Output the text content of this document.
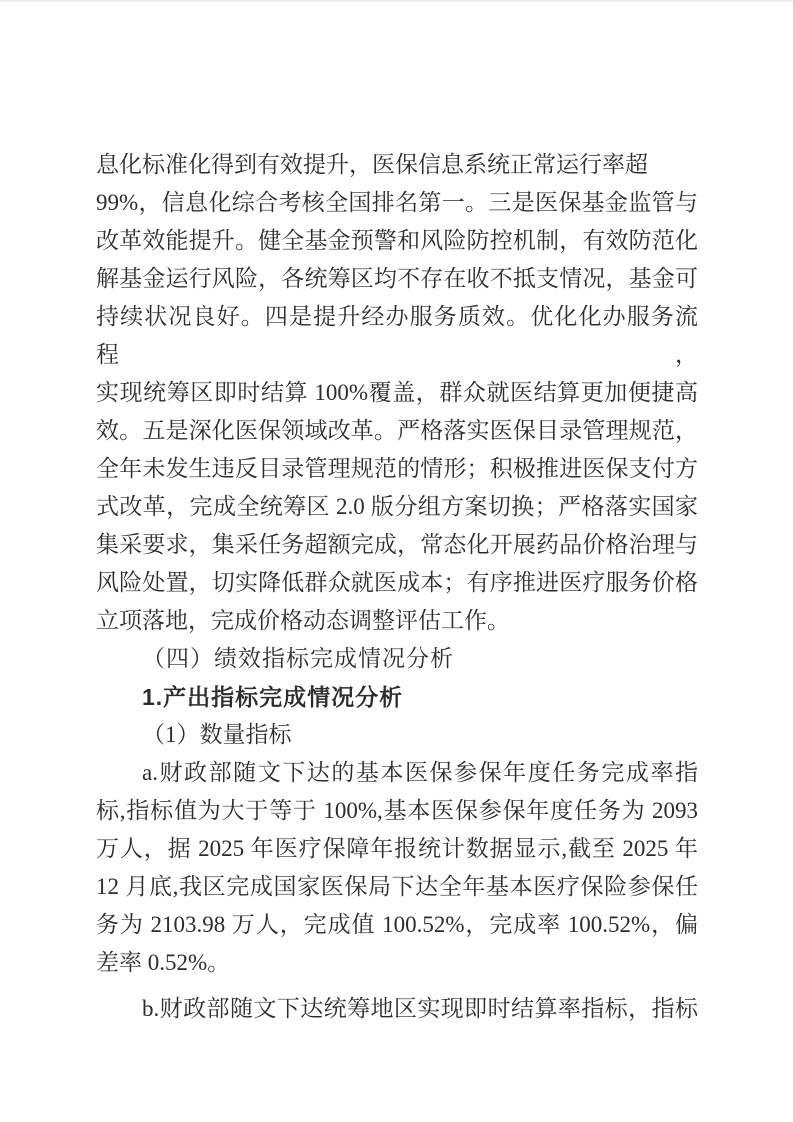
息化标准化得到有效提升，医保信息系统正常运行率超
99%，信息化综合考核全国排名第一。三是医保基金监管与
改革效能提升。健全基金预警和风险防控机制，有效防范化
解基金运行风险，各统筹区均不存在收不抵支情况，基金可
持续状况良好。四是提升经办服务质效。优化化办服务流程，
实现统筹区即时结算 100%覆盖，群众就医结算更加便捷高
效。五是深化医保领域改革。严格落实医保目录管理规范，
全年未发生违反目录管理规范的情形；积极推进医保支付方
式改革，完成全统筹区 2.0 版分组方案切换；严格落实国家
集采要求，集采任务超额完成，常态化开展药品价格治理与
风险处置，切实降低群众就医成本；有序推进医疗服务价格
立项落地，完成价格动态调整评估工作。
（四）绩效指标完成情况分析
1.产出指标完成情况分析
（1）数量指标
a.财政部随文下达的基本医保参保年度任务完成率指
标,指标值为大于等于 100%,基本医保参保年度任务为 2093
万人，据 2025 年医疗保障年报统计数据显示,截至 2025 年
12 月底,我区完成国家医保局下达全年基本医疗保险参保任
务为 2103.98 万人，完成值 100.52%，完成率 100.52%，偏
差率 0.52%。
b.财政部随文下达统筹地区实现即时结算率指标，指标
